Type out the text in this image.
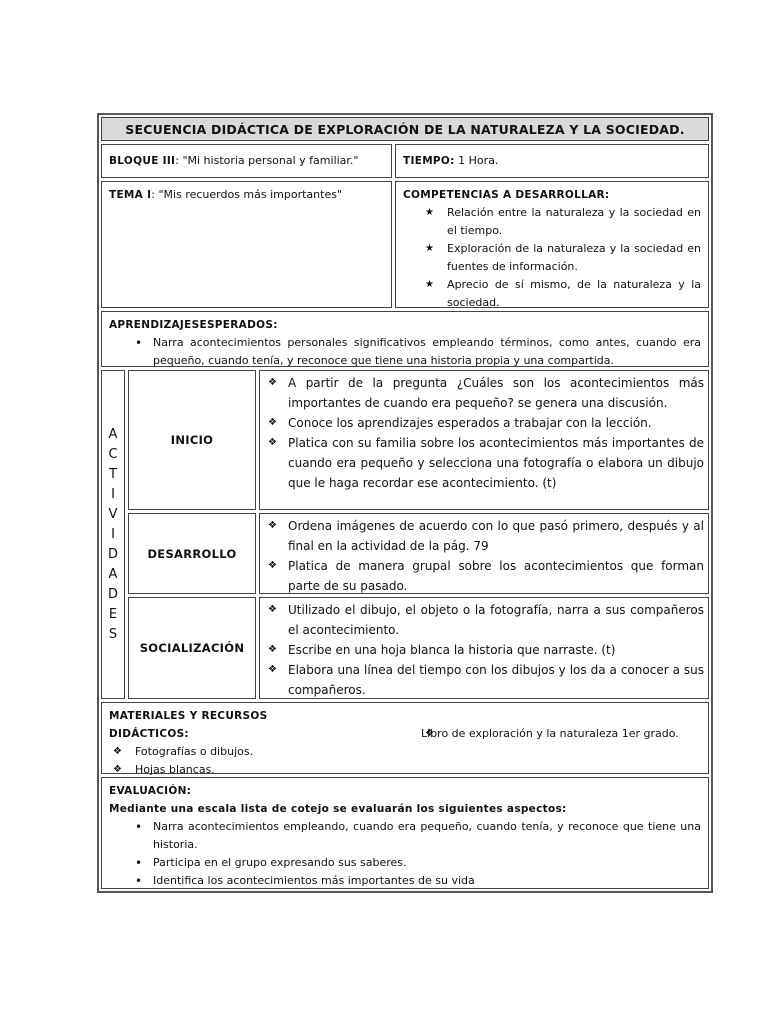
SECUENCIA DIDÁCTICA DE EXPLORACIÓN DE LA NATURALEZA Y LA SOCIEDAD.
BLOQUE III: "Mi historia personal y familiar."	TIEMPO: 1 Hora.
TEMA I: "Mis recuerdos más importantes"	COMPETENCIAS A DESARROLLAR:
★ Relación entre la naturaleza y la sociedad en el tiempo.
★ Exploración de la naturaleza y la sociedad en fuentes de información.
★ Aprecio de sí mismo, de la naturaleza y la sociedad.
APRENDIZAJESESPERADOS:
• Narra acontecimientos personales significativos empleando términos, como antes, cuando era pequeño, cuando tenía, y reconoce que tiene una historia propia y una compartida.
A
C
T
I
V
I
D
A
D
E
S
INICIO
❖ A partir de la pregunta ¿Cuáles son los acontecimientos más importantes de cuando era pequeño? se genera una discusión.
❖ Conoce los aprendizajes esperados a trabajar con la lección.
❖ Platica con su familia sobre los acontecimientos más importantes de cuando era pequeño y selecciona una fotografía o elabora un dibujo que le haga recordar ese acontecimiento. (t)
DESARROLLO
❖ Ordena imágenes de acuerdo con lo que pasó primero, después y al final en la actividad de la pág. 79
❖ Platica de manera grupal sobre los acontecimientos que forman parte de su pasado.
SOCIALIZACIÓN
❖ Utilizado el dibujo, el objeto o la fotografía, narra a sus compañeros el acontecimiento.
❖ Escribe en una hoja blanca la historia que narraste. (t)
❖ Elabora una línea del tiempo con los dibujos y los da a conocer a sus compañeros.
MATERIALES Y RECURSOS
DIDÁCTICOS:
❖ Fotografías o dibujos.
❖ Hojas blancas.
❖ Libro de exploración y la naturaleza 1er grado.
EVALUACIÓN:
Mediante una escala lista de cotejo se evaluarán los siguientes aspectos:
• Narra acontecimientos empleando, cuando era pequeño, cuando tenía, y reconoce que tiene una historia.
• Participa en el grupo expresando sus saberes.
• Identifica los acontecimientos más importantes de su vida
